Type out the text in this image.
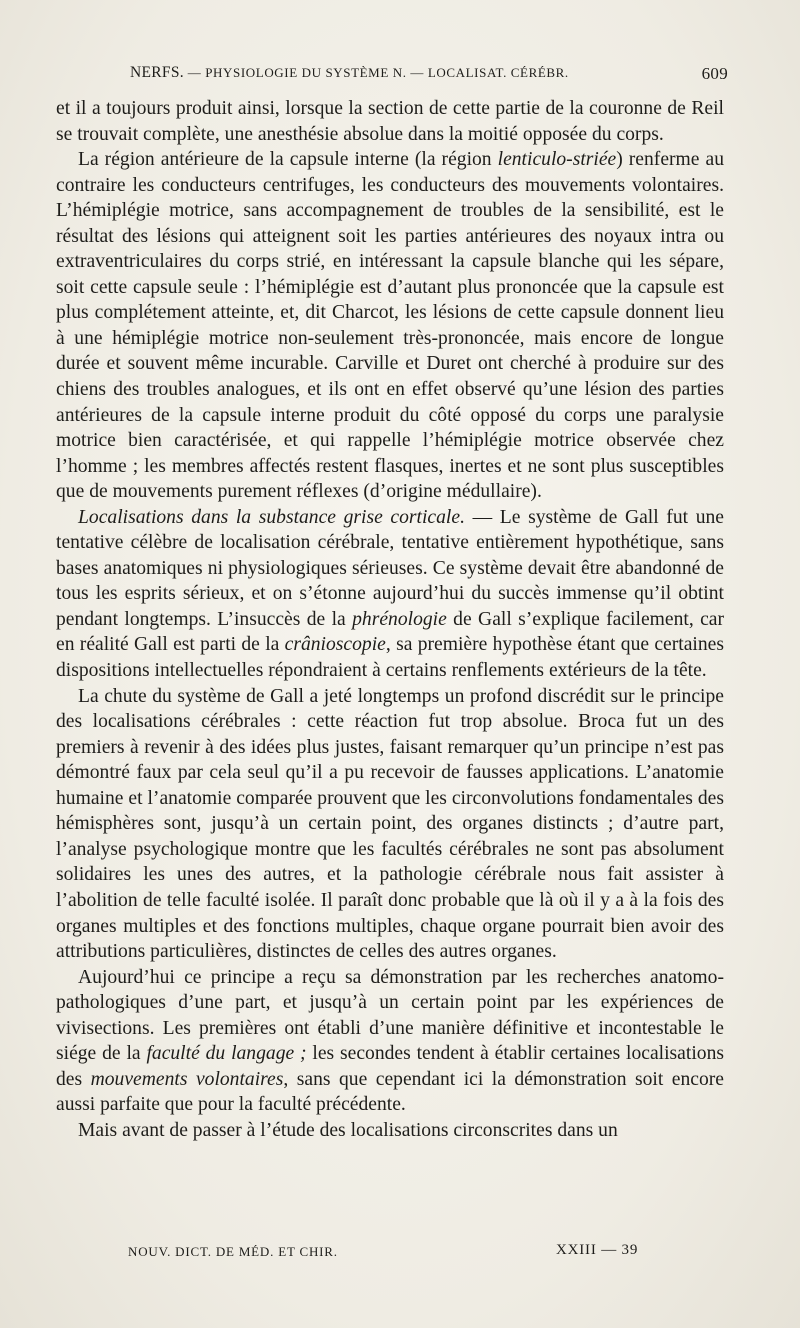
NERFS. — PHYSIOLOGIE DU SYSTÈME N. — LOCALISAT. CÉRÉBR.	609

et il a toujours produit ainsi, lorsque la section de cette partie de la couronne de Reil se trouvait complète, une anesthésie absolue dans la moitié opposée du corps.

La région antérieure de la capsule interne (la région lenticulo-striée) renferme au contraire les conducteurs centrifuges, les conducteurs des mouvements volontaires. L’hémiplégie motrice, sans accompagnement de troubles de la sensibilité, est le résultat des lésions qui atteignent soit les parties antérieures des noyaux intra ou extraventriculaires du corps strié, en intéressant la capsule blanche qui les sépare, soit cette capsule seule : l’hémiplégie est d’autant plus prononcée que la capsule est plus complétement atteinte, et, dit Charcot, les lésions de cette capsule donnent lieu à une hémiplégie motrice non-seulement très-prononcée, mais encore de longue durée et souvent même incurable. Carville et Duret ont cherché à produire sur des chiens des troubles analogues, et ils ont en effet observé qu’une lésion des parties antérieures de la capsule interne produit du côté opposé du corps une paralysie motrice bien caractérisée, et qui rappelle l’hémiplégie motrice observée chez l’homme ; les membres affectés restent flasques, inertes et ne sont plus susceptibles que de mouvements purement réflexes (d’origine médullaire).

Localisations dans la substance grise corticale. — Le système de Gall fut une tentative célèbre de localisation cérébrale, tentative entièrement hypothétique, sans bases anatomiques ni physiologiques sérieuses. Ce système devait être abandonné de tous les esprits sérieux, et on s’étonne aujourd’hui du succès immense qu’il obtint pendant longtemps. L’insuccès de la phrénologie de Gall s’explique facilement, car en réalité Gall est parti de la crânioscopie, sa première hypothèse étant que certaines dispositions intellectuelles répondraient à certains renflements extérieurs de la tête.

La chute du système de Gall a jeté longtemps un profond discrédit sur le principe des localisations cérébrales : cette réaction fut trop absolue. Broca fut un des premiers à revenir à des idées plus justes, faisant remarquer qu’un principe n’est pas démontré faux par cela seul qu’il a pu recevoir de fausses applications. L’anatomie humaine et l’anatomie comparée prouvent que les circonvolutions fondamentales des hémisphères sont, jusqu’à un certain point, des organes distincts ; d’autre part, l’analyse psychologique montre que les facultés cérébrales ne sont pas absolument solidaires les unes des autres, et la pathologie cérébrale nous fait assister à l’abolition de telle faculté isolée. Il paraît donc probable que là où il y a à la fois des organes multiples et des fonctions multiples, chaque organe pourrait bien avoir des attributions particulières, distinctes de celles des autres organes.

Aujourd’hui ce principe a reçu sa démonstration par les recherches anatomo-pathologiques d’une part, et jusqu’à un certain point par les expériences de vivisections. Les premières ont établi d’une manière définitive et incontestable le siége de la faculté du langage ; les secondes tendent à établir certaines localisations des mouvements volontaires, sans que cependant ici la démonstration soit encore aussi parfaite que pour la faculté précédente.

Mais avant de passer à l’étude des localisations circonscrites dans un

NOUV. DICT. DE MÉD. ET CHIR.	XXIII — 39
